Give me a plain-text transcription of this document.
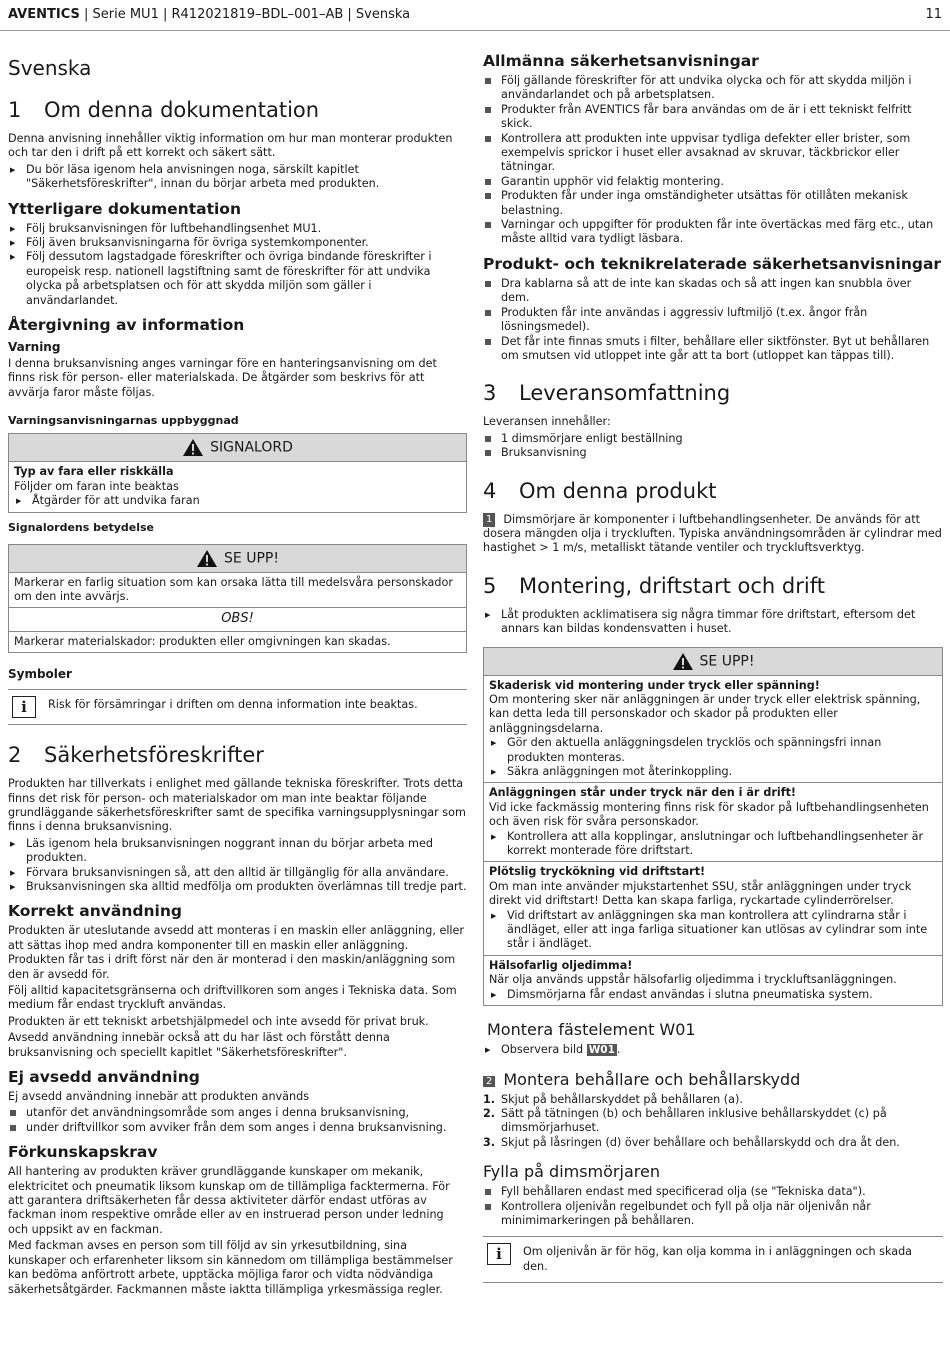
AVENTICS | Serie MU1 | R412021819–BDL–001–AB | Svenska	11
Svenska
1 Om denna dokumentation

Denna anvisning innehåller viktig information om hur man monterar produkten och tar den i drift på ett korrekt och säkert sätt.

▶ Du bör läsa igenom hela anvisningen noga, särskilt kapitlet "Säkerhetsföreskrifter", innan du börjar arbeta med produkten.
Ytterligare dokumentation
▶ Följ bruksanvisningen för luftbehandlingsenhet MU1.
▶ Följ även bruksanvisningarna för övriga systemkomponenter.
▶ Följ dessutom lagstadgade föreskrifter och övriga bindande föreskrifter i europeisk resp. nationell lagstiftning samt de föreskrifter för att undvika olycka på arbetsplatsen och för att skydda miljön som gäller i användarlandet.
Återgivning av information
Varning

I denna bruksanvisning anges varningar före en hanteringsanvisning om det finns risk för person- eller materialskada. De åtgärder som beskrivs för att avvärja faror måste följas.

Varningsanvisningarnas uppbyggnad
SIGNALORD
Typ av fara eller riskkälla
Följder om faran inte beaktas
▶ Åtgärder för att undvika faran
Signalordens betydelse
SE UPP!
Markerar en farlig situation som kan orsaka lätta till medelsvåra personskador om den inte avvärjs.
OBS!
Markerar materialskador: produkten eller omgivningen kan skadas.
Symboler
i	Risk för försämringar i driften om denna information inte beaktas.

2 Säkerhetsföreskrifter

Produkten har tillverkats i enlighet med gällande tekniska föreskrifter. Trots detta finns det risk för person- och materialskador om man inte beaktar följande grundläggande säkerhetsföreskrifter samt de specifika varningsupplysningar som finns i denna bruksanvisning.

▶ Läs igenom hela bruksanvisningen noggrant innan du börjar arbeta med produkten.
▶ Förvara bruksanvisningen så, att den alltid är tillgänglig för alla användare.
▶ Bruksanvisningen ska alltid medfölja om produkten överlämnas till tredje part.
Korrekt användning

Produkten är uteslutande avsedd att monteras i en maskin eller anläggning, eller att sättas ihop med andra komponenter till en maskin eller anläggning. Produkten får tas i drift först när den är monterad i den maskin/anläggning som den är avsedd för.

Följ alltid kapacitetsgränserna och driftvillkoren som anges i Tekniska data. Som medium får endast tryckluft användas.

Produkten är ett tekniskt arbetshjälpmedel och inte avsedd för privat bruk.

Avsedd användning innebär också att du har läst och förstått denna bruksanvisning och speciellt kapitlet "Säkerhetsföreskrifter".

Ej avsedd användning

Ej avsedd användning innebär att produkten används

utanför det användningsområde som anges i denna bruksanvisning,
under driftvillkor som avviker från dem som anges i denna bruksanvisning.
Förkunskapskrav

All hantering av produkten kräver grundläggande kunskaper om mekanik, elektricitet och pneumatik liksom kunskap om de tillämpliga facktermerna. För att garantera driftsäkerheten får dessa aktiviteter därför endast utföras av fackman inom respektive område eller av en instruerad person under ledning och uppsikt av en fackman.

Med fackman avses en person som till följd av sin yrkesutbildning, sina kunskaper och erfarenheter liksom sin kännedom om tillämpliga bestämmelser kan bedöma anförtrott arbete, upptäcka möjliga faror och vidta nödvändiga säkerhetsåtgärder. Fackmannen måste iaktta tillämpliga yrkesmässiga regler.

Allmänna säkerhetsanvisningar
Följ gällande föreskrifter för att undvika olycka och för att skydda miljön i användarlandet och på arbetsplatsen.
Produkter från AVENTICS får bara användas om de är i ett tekniskt felfritt skick.
Kontrollera att produkten inte uppvisar tydliga defekter eller brister, som exempelvis sprickor i huset eller avsaknad av skruvar, täckbrickor eller tätningar.
Garantin upphör vid felaktig montering.
Produkten får under inga omständigheter utsättas för otillåten mekanisk belastning.
Varningar och uppgifter för produkten får inte övertäckas med färg etc., utan måste alltid vara tydligt läsbara.
Produkt- och teknikrelaterade säkerhetsanvisningar
Dra kablarna så att de inte kan skadas och så att ingen kan snubbla över dem.
Produkten får inte användas i aggressiv luftmiljö (t.ex. ångor från lösningsmedel).
Det får inte finnas smuts i filter, behållare eller siktfönster. Byt ut behållaren om smutsen vid utloppet inte går att ta bort (utloppet kan täppas till).
3 Leveransomfattning

Leveransen innehåller:

1 dimsmörjare enligt beställning
Bruksanvisning
4 Om denna produkt

1 Dimsmörjare är komponenter i luftbehandlingsenheter. De används för att dosera mängden olja i tryckluften. Typiska användningsområden är cylindrar med hastighet > 1 m/s, metalliskt tätande ventiler och tryckluftsverktyg.

5 Montering, driftstart och drift
▶ Låt produkten acklimatisera sig några timmar före driftstart, eftersom det annars kan bildas kondensvatten i huset.
SE UPP!
Skaderisk vid montering under tryck eller spänning!
Om montering sker när anläggningen är under tryck eller elektrisk spänning, kan detta leda till personskador och skador på produkten eller anläggningsdelarna.
▶ Gör den aktuella anläggningsdelen trycklös och spänningsfri innan produkten monteras.
▶ Säkra anläggningen mot återinkoppling.
Anläggningen står under tryck när den i är drift!
Vid icke fackmässig montering finns risk för skador på luftbehandlingsenheten och även risk för svåra personskador.
▶ Kontrollera att alla kopplingar, anslutningar och luftbehandlingsenheter är korrekt monterade före driftstart.
Plötslig tryckökning vid driftstart!
Om man inte använder mjukstartenhet SSU, står anläggningen under tryck direkt vid driftstart! Detta kan skapa farliga, ryckartade cylinderrörelser.
▶ Vid driftstart av anläggningen ska man kontrollera att cylindrarna står i ändläget, eller att inga farliga situationer kan utlösas av cylindrar som inte står i ändläget.
Hälsofarlig oljedimma!
När olja används uppstår hälsofarlig oljedimma i tryckluftsanläggningen.
▶ Dimsmörjarna får endast användas i slutna pneumatiska system.
Montera fästelement W01
▶ Observera bild W01 .
2 Montera behållare och behållarskydd
1. Skjut på behållarskyddet på behållaren (a).
2. Sätt på tätningen (b) och behållaren inklusive behållarskyddet (c) på dimsmörjarhuset.
3. Skjut på låsringen (d) över behållare och behållarskydd och dra åt den.
Fylla på dimsmörjaren
Fyll behållaren endast med specificerad olja (se "Tekniska data").
Kontrollera oljenivån regelbundet och fyll på olja när oljenivån når minimimarkeringen på behållaren.
i	Om oljenivån är för hög, kan olja komma in i anläggningen och skada den.
